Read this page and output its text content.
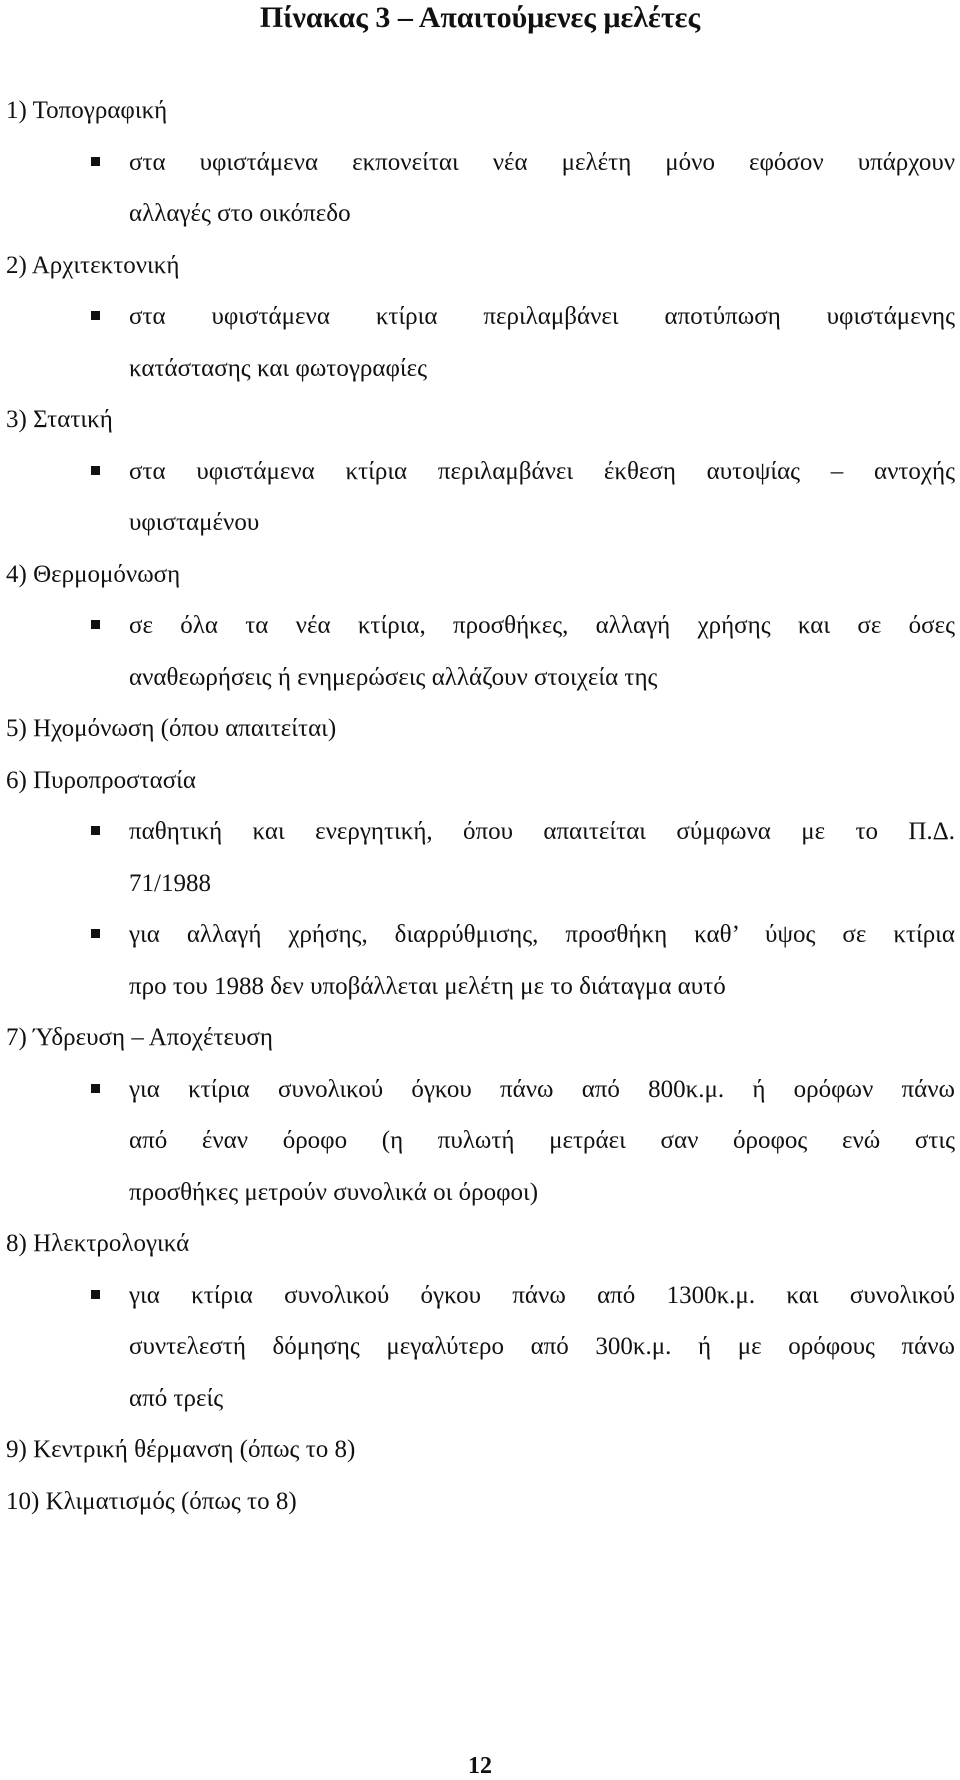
Πίνακας 3 – Απαιτούμενες μελέτες
1) Τοπογραφική
στα υφιστάμενα εκπονείται νέα μελέτη μόνο εφόσον υπάρχουν
αλλαγές στο οικόπεδο
2) Αρχιτεκτονική
στα υφιστάμενα κτίρια περιλαμβάνει αποτύπωση υφιστάμενης
κατάστασης και φωτογραφίες
3) Στατική
στα υφιστάμενα κτίρια περιλαμβάνει έκθεση αυτοψίας – αντοχής
υφισταμένου
4) Θερμομόνωση
σε όλα τα νέα κτίρια, προσθήκες, αλλαγή χρήσης και σε όσες
αναθεωρήσεις ή ενημερώσεις αλλάζουν στοιχεία της
5) Ηχομόνωση (όπου απαιτείται)
6) Πυροπροστασία
παθητική και ενεργητική, όπου απαιτείται σύμφωνα με το Π.Δ.
71/1988
για αλλαγή χρήσης, διαρρύθμισης, προσθήκη καθ’ ύψος σε κτίρια
προ του 1988 δεν υποβάλλεται μελέτη με το διάταγμα αυτό
7) Ύδρευση – Αποχέτευση
για κτίρια συνολικού όγκου πάνω από 800κ.μ. ή ορόφων πάνω
από έναν όροφο (η πυλωτή μετράει σαν όροφος ενώ στις
προσθήκες μετρούν συνολικά οι όροφοι)
8) Ηλεκτρολογικά
για κτίρια συνολικού όγκου πάνω από 1300κ.μ. και συνολικού
συντελεστή δόμησης μεγαλύτερο από 300κ.μ. ή με ορόφους πάνω
από τρείς
9) Κεντρική θέρμανση (όπως το 8)
10) Κλιματισμός (όπως το 8)
12
